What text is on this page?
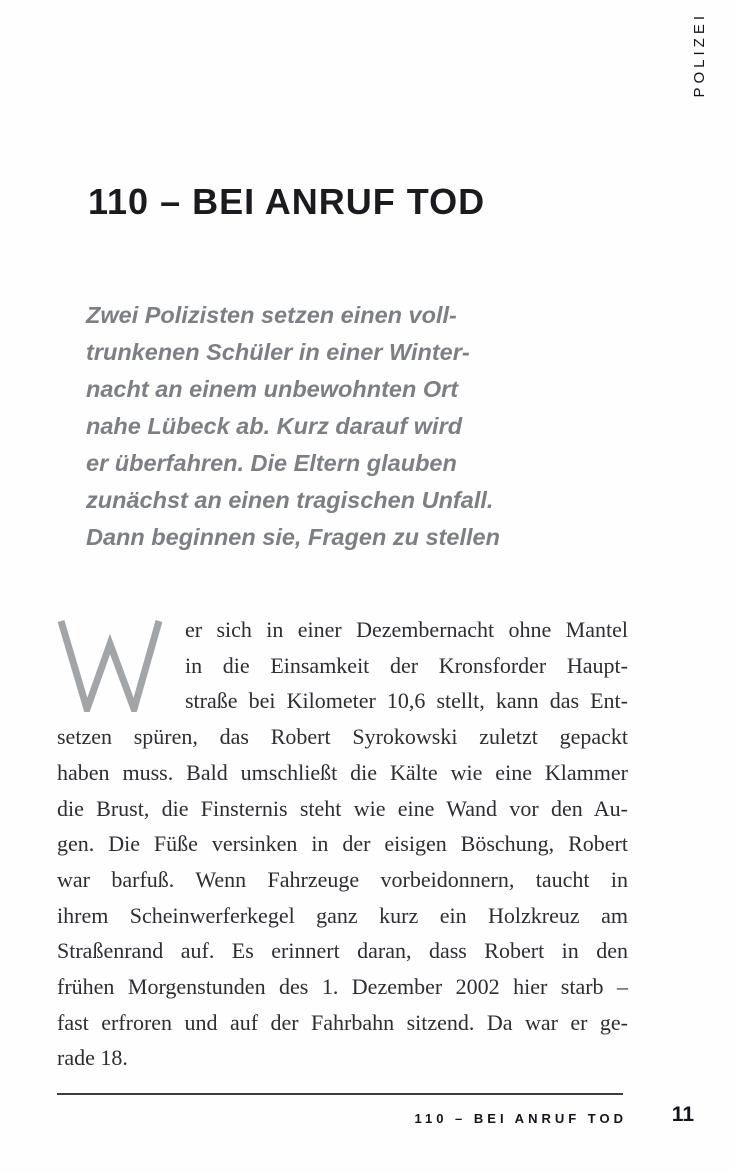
POLIZEI
110 – BEI ANRUF TOD
Zwei Polizisten setzen einen voll-
trunkenen Schüler in einer Winter-
nacht an einem unbewohnten Ort
nahe Lübeck ab. Kurz darauf wird
er überfahren. Die Eltern glauben
zunächst an einen tragischen Unfall.
Dann beginnen sie, Fragen zu stellen
er sich in einer Dezembernacht ohne Mantel
in die Einsamkeit der Kronsforder Haupt-
straße bei Kilometer 10,6 stellt, kann das Ent-
setzen spüren, das Robert Syrokowski zuletzt gepackt
haben muss. Bald umschließt die Kälte wie eine Klammer
die Brust, die Finsternis steht wie eine Wand vor den Au-
gen. Die Füße versinken in der eisigen Böschung, Robert
war barfuß. Wenn Fahrzeuge vorbeidonnern, taucht in
ihrem Scheinwerferkegel ganz kurz ein Holzkreuz am
Straßenrand auf. Es erinnert daran, dass Robert in den
frühen Morgenstunden des 1. Dezember 2002 hier starb –
fast erfroren und auf der Fahrbahn sitzend. Da war er ge-
rade 18.
110 – BEI ANRUF TOD 11
